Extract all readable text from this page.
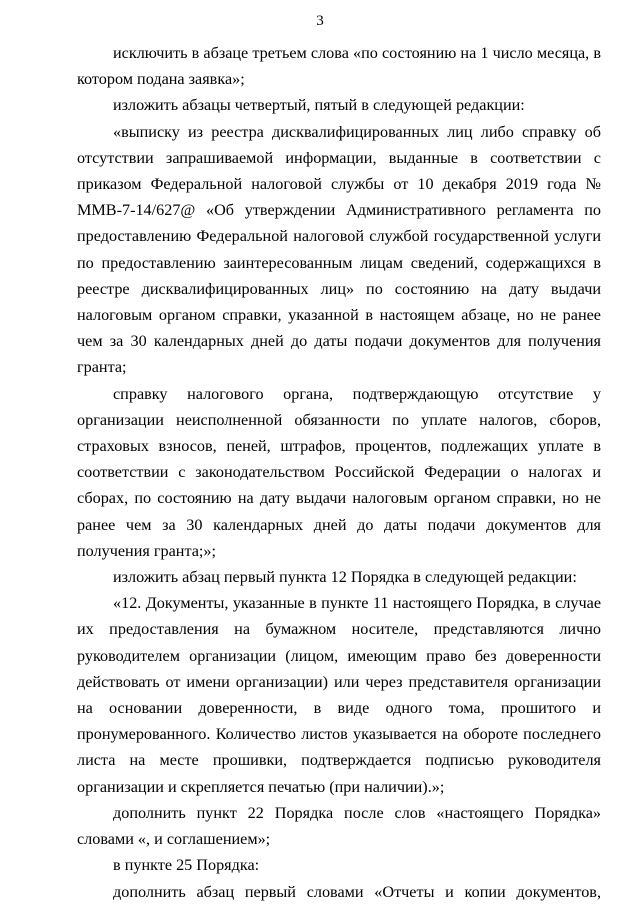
3

исключить в абзаце третьем слова «по состоянию на 1 число месяца, в котором подана заявка»;

изложить абзацы четвертый, пятый в следующей редакции:

«выписку из реестра дисквалифицированных лиц либо справку об отсутствии запрашиваемой информации, выданные в соответствии с приказом Федеральной налоговой службы от 10 декабря 2019 года № ММВ-7-14/627@ «Об утверждении Административного регламента по предоставлению Федеральной налоговой службой государственной услуги по предоставлению заинтересованным лицам сведений, содержащихся в реестре дисквалифицированных лиц» по состоянию на дату выдачи налоговым органом справки, указанной в настоящем абзаце, но не ранее чем за 30 календарных дней до даты подачи документов для получения гранта;

справку налогового органа, подтверждающую отсутствие у организации неисполненной обязанности по уплате налогов, сборов, страховых взносов, пеней, штрафов, процентов, подлежащих уплате в соответствии с законодательством Российской Федерации о налогах и сборах, по состоянию на дату выдачи налоговым органом справки, но не ранее чем за 30 календарных дней до даты подачи документов для получения гранта;»;

изложить абзац первый пункта 12 Порядка в следующей редакции:

«12. Документы, указанные в пункте 11 настоящего Порядка, в случае их предоставления на бумажном носителе, представляются лично руководителем организации (лицом, имеющим право без доверенности действовать от имени организации) или через представителя организации на основании доверенности, в виде одного тома, прошитого и пронумерованного. Количество листов указывается на обороте последнего листа на месте прошивки, подтверждается подписью руководителя организации и скрепляется печатью (при наличии).»;

дополнить пункт 22 Порядка после слов «настоящего Порядка» словами «, и соглашением»;

в пункте 25 Порядка:

дополнить абзац первый словами «Отчеты и копии документов,
